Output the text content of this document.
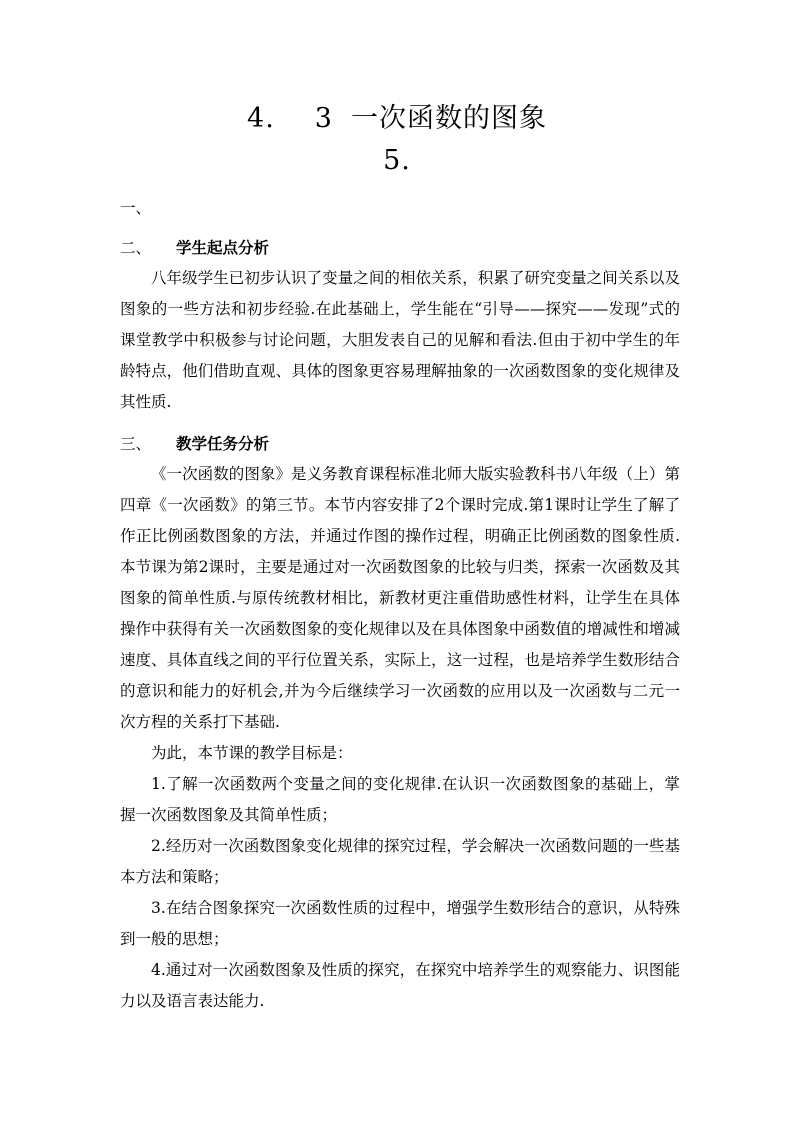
4. 3 一次函数的图象
5.
一、
二、 学生起点分析

八年级学生已初步认识了变量之间的相依关系，积累了研究变量之间关系以及图象的一些方法和初步经验.在此基础上，学生能在“引导——探究——发现”式的课堂教学中积极参与讨论问题，大胆发表自己的见解和看法.但由于初中学生的年龄特点，他们借助直观、具体的图象更容易理解抽象的一次函数图象的变化规律及其性质.

三、 教学任务分析

《一次函数的图象》是义务教育课程标准北师大版实验教科书八年级（上）第四章《一次函数》的第三节。本节内容安排了2个课时完成.第1课时让学生了解了作正比例函数图象的方法，并通过作图的操作过程，明确正比例函数的图象性质.本节课为第2课时，主要是通过对一次函数图象的比较与归类，探索一次函数及其图象的简单性质.与原传统教材相比，新教材更注重借助感性材料，让学生在具体操作中获得有关一次函数图象的变化规律以及在具体图象中函数值的增减性和增减速度、具体直线之间的平行位置关系，实际上，这一过程，也是培养学生数形结合的意识和能力的好机会,并为今后继续学习一次函数的应用以及一次函数与二元一次方程的关系打下基础.

为此，本节课的教学目标是：

1.了解一次函数两个变量之间的变化规律.在认识一次函数图象的基础上，掌握一次函数图象及其简单性质；

2.经历对一次函数图象变化规律的探究过程，学会解决一次函数问题的一些基本方法和策略；

3.在结合图象探究一次函数性质的过程中，增强学生数形结合的意识，从特殊到一般的思想；

4.通过对一次函数图象及性质的探究，在探究中培养学生的观察能力、识图能力以及语言表达能力.
